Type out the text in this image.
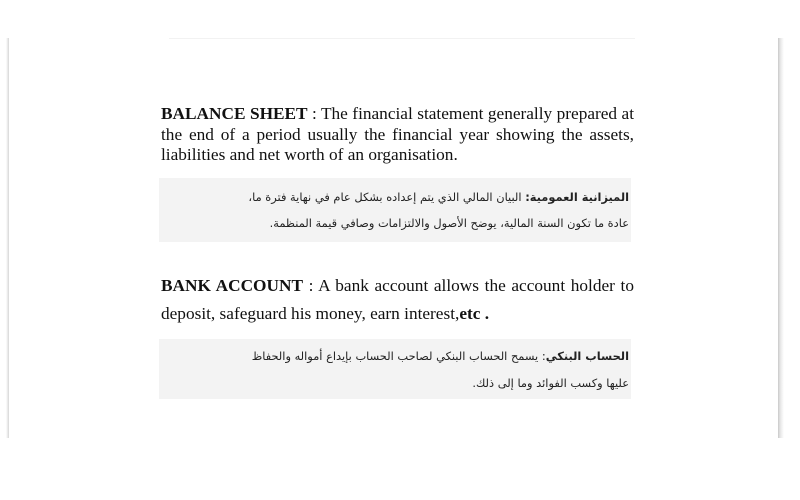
BALANCE SHEET : The financial statement generally prepared at the end of a period usually the financial year showing the assets, liabilities and net worth of an organisation.
الميزانية العمومية: البيان المالي الذي يتم إعداده بشكل عام في نهاية فترة ما،
عادة ما تكون السنة المالية، يوضح الأصول والالتزامات وصافي قيمة المنظمة.
BANK ACCOUNT : A bank account allows the account holder to deposit, safeguard his money, earn interest,etc .
الحساب البنكي: يسمح الحساب البنكي لصاحب الحساب بإيداع أمواله والحفاظ
عليها وكسب الفوائد وما إلى ذلك.
